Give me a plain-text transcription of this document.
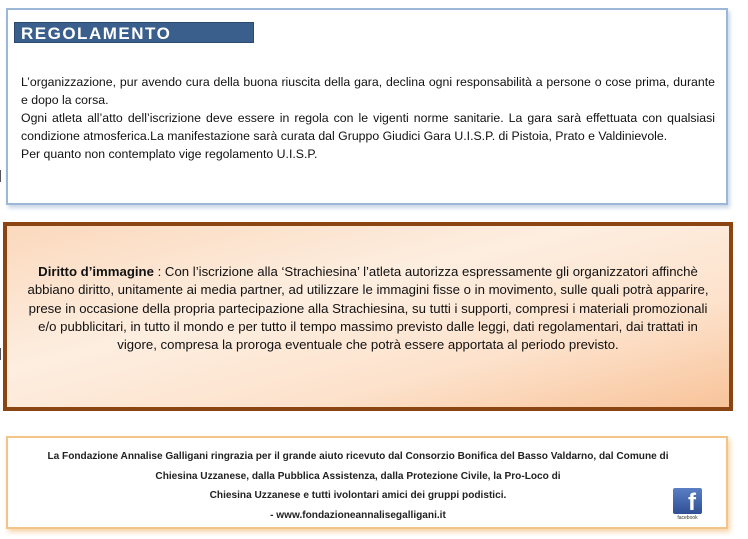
REGOLAMENTO

L’organizzazione, pur avendo cura della buona riuscita della gara, declina ogni responsabilità a persone o cose prima, durante e dopo la corsa.

Ogni atleta all’atto dell’iscrizione deve essere in regola con le vigenti norme sanitarie. La gara sarà effettuata con qualsiasi condizione atmosferica.La manifestazione sarà curata dal Gruppo Giudici Gara U.I.S.P. di Pistoia, Prato e Valdinievole.

Per quanto non contemplato vige regolamento U.I.S.P.

Diritto d’immagine : Con l’iscrizione alla ‘Strachiesina’ l’atleta autorizza espressamente gli organizzatori affinchè abbiano diritto, unitamente ai media partner, ad utilizzare le immagini fisse o in movimento, sulle quali potrà apparire, prese in occasione della propria partecipazione alla Strachiesina, su tutti i supporti, compresi i materiali promozionali e/o pubblicitari, in tutto il mondo e per tutto il tempo massimo previsto dalle leggi, dati regolamentari, dai trattati in vigore, compresa la proroga eventuale che potrà essere apportata al periodo previsto.

La Fondazione Annalise Galligani ringrazia per il grande aiuto ricevuto dal Consorzio Bonifica del Basso Valdarno, dal Comune di

Chiesina Uzzanese, dalla Pubblica Assistenza, dalla Protezione Civile, la Pro-Loco di

Chiesina Uzzanese e tutti ivolontari amici dei gruppi podistici.

- www.fondazioneannalisegalligani.it	f
facebook
